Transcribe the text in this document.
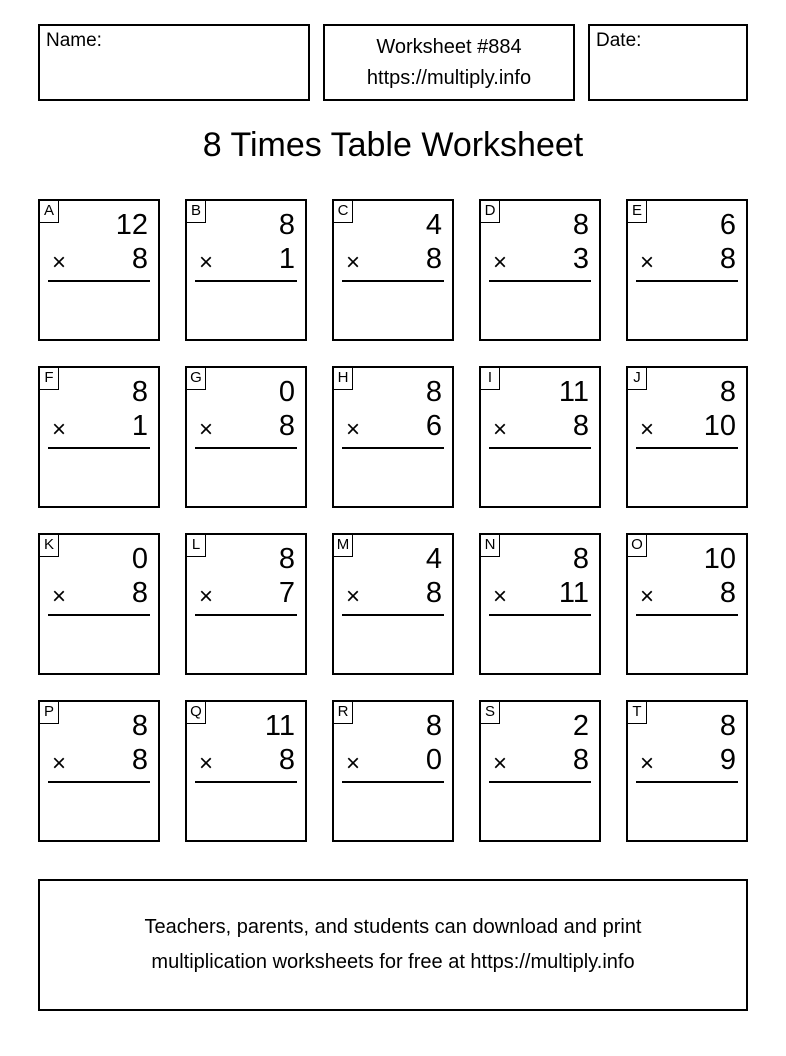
Name:	Worksheet #884
https://multiply.info
Date:
8 Times Table Worksheet
A 12
× 8
B	8
× 1
C	4
× 8
D	8
× 3
E	6
× 8
F	8
× 1
G	0
× 8
H	8
× 6
I 11
× 8
J	8
× 10
K	0
× 8
L	8
× 7
M	4
× 8
N	8
× 11
O 10
× 8
P	8
× 8
Q 11
× 8
R	8
× 0
S	2
× 8
T	8
× 9
Teachers, parents, and students can download and print
multiplication worksheets for free at https://multiply.info
